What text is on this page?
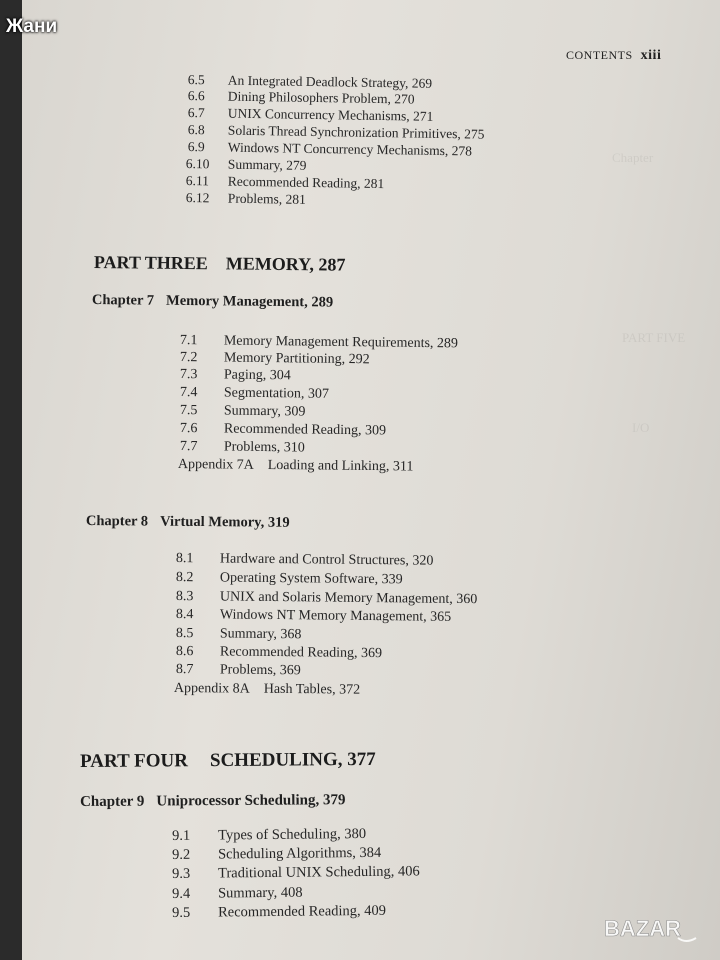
Chapter
PART FIVE
I/O
CONTENTS xiii
6.5 An Integrated Deadlock Strategy, 269
6.6 Dining Philosophers Problem, 270
6.7 UNIX Concurrency Mechanisms, 271
6.8 Solaris Thread Synchronization Primitives, 275
6.9 Windows NT Concurrency Mechanisms, 278
6.10 Summary, 279
6.11 Recommended Reading, 281
6.12 Problems, 281
PART THREE MEMORY, 287
Chapter 7 Memory Management, 289
7.1 Memory Management Requirements, 289
7.2 Memory Partitioning, 292
7.3 Paging, 304
7.4 Segmentation, 307
7.5 Summary, 309
7.6 Recommended Reading, 309
7.7 Problems, 310
Appendix 7A Loading and Linking, 311
Chapter 8 Virtual Memory, 319
8.1 Hardware and Control Structures, 320
8.2 Operating System Software, 339
8.3 UNIX and Solaris Memory Management, 360
8.4 Windows NT Memory Management, 365
8.5 Summary, 368
8.6 Recommended Reading, 369
8.7 Problems, 369
Appendix 8A Hash Tables, 372
PART FOUR SCHEDULING, 377
Chapter 9 Uniprocessor Scheduling, 379
9.1 Types of Scheduling, 380
9.2 Scheduling Algorithms, 384
9.3 Traditional UNIX Scheduling, 406
9.4 Summary, 408
9.5 Recommended Reading, 409
BAZAR
Жани
